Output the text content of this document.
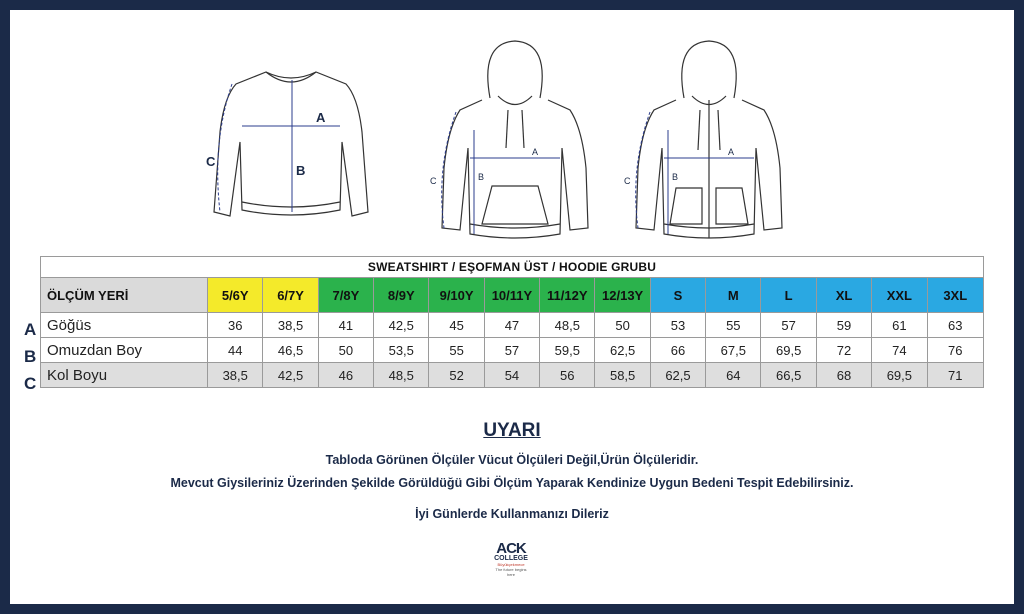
A
B
C
A
B
C
A
B
C
SWEATSHIRT / EŞOFMAN ÜST / HOODIE GRUBU														
ÖLÇÜM YERİ	5/6Y	6/7Y	7/8Y	8/9Y	9/10Y	10/11Y	11/12Y	12/13Y	S	M	L	XL	XXL	3XL
Göğüs	36	38,5	41	42,5	45	47	48,5	50	53	55	57	59	61	63
Omuzdan Boy	44	46,5	50	53,5	55	57	59,5	62,5	66	67,5	69,5	72	74	76
Kol Boyu	38,5	42,5	46	48,5	52	54	56	58,5	62,5	64	66,5	68	69,5	71
A
B
C
UYARI
Tabloda Görünen Ölçüler Vücut Ölçüleri Değil,Ürün Ölçüleridir.
Mevcut Giysileriniz Üzerinden Şekilde Görüldüğü Gibi Ölçüm Yaparak Kendinize Uygun Bedeni Tespit Edebilirsiniz.
İyi Günlerde Kullanmanızı Dileriz
ACK
COLLEGE
Büyükçekmece
The future begins here
